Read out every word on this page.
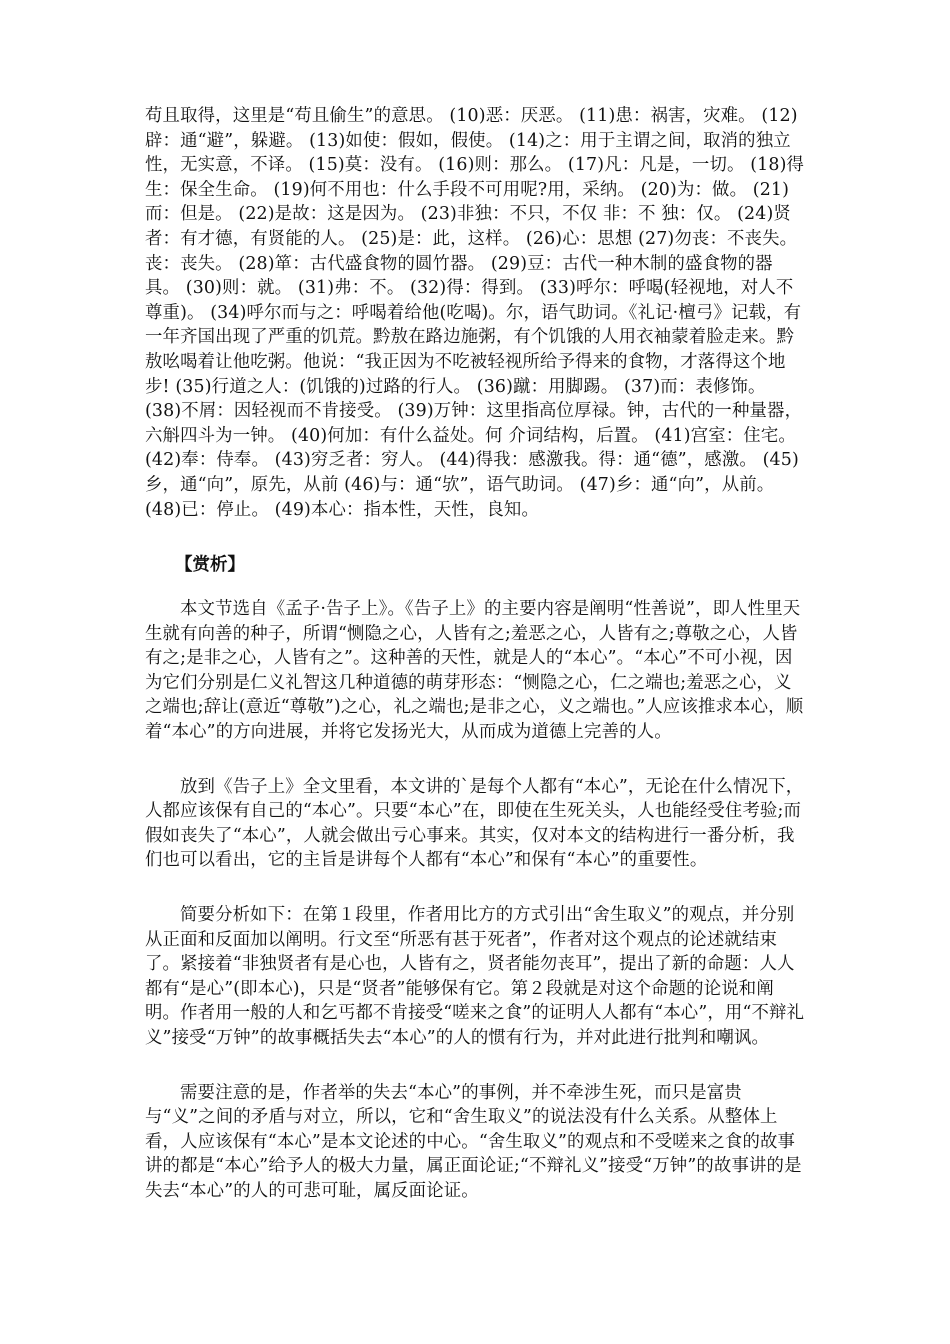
苟且取得，这里是“苟且偷生”的意思。 (10)恶：厌恶。 (11)患：祸害，灾难。 (12)辟：通“避”，躲避。 (13)如使：假如，假使。 (14)之：用于主谓之间，取消的独立性，无实意，不译。 (15)莫：没有。 (16)则：那么。 (17)凡：凡是，一切。 (18)得生：保全生命。 (19)何不用也：什么手段不可用呢?用，采纳。 (20)为：做。 (21)而：但是。 (22)是故：这是因为。 (23)非独：不只，不仅 非：不 独：仅。 (24)贤者：有才德，有贤能的人。 (25)是：此，这样。 (26)心：思想 (27)勿丧：不丧失。丧：丧失。 (28)箪：古代盛食物的圆竹器。 (29)豆：古代一种木制的盛食物的器具。 (30)则：就。 (31)弗：不。 (32)得：得到。 (33)呼尔：呼喝(轻视地，对人不尊重)。 (34)呼尔而与之：呼喝着给他(吃喝)。尔，语气助词。《礼记·檀弓》记载，有一年齐国出现了严重的饥荒。黔敖在路边施粥，有个饥饿的人用衣袖蒙着脸走来。黔敖吆喝着让他吃粥。他说：“我正因为不吃被轻视所给予得来的食物，才落得这个地步! (35)行道之人：(饥饿的)过路的行人。 (36)蹴：用脚踢。 (37)而：表修饰。 (38)不屑：因轻视而不肯接受。 (39)万钟：这里指高位厚禄。钟，古代的一种量器，六斛四斗为一钟。 (40)何加：有什么益处。何 介词结构，后置。 (41)宫室：住宅。 (42)奉：侍奉。 (43)穷乏者：穷人。 (44)得我：感激我。得：通“德”，感激。 (45)乡，通“向”，原先，从前 (46)与：通“欤”，语气助词。 (47)乡：通“向”，从前。 (48)已：停止。 (49)本心：指本性，天性，良知。

【赏析】

本文节选自《孟子·告子上》。《告子上》的主要内容是阐明“性善说”，即人性里天生就有向善的种子，所谓“恻隐之心，人皆有之;羞恶之心，人皆有之;尊敬之心，人皆有之;是非之心，人皆有之”。这种善的天性，就是人的“本心”。“本心”不可小视，因为它们分别是仁义礼智这几种道德的萌芽形态：“恻隐之心，仁之端也;羞恶之心，义之端也;辞让(意近“尊敬”)之心，礼之端也;是非之心，义之端也。”人应该推求本心，顺着“本心”的方向进展，并将它发扬光大，从而成为道德上完善的人。

放到《告子上》全文里看，本文讲的`是每个人都有“本心”，无论在什么情况下，人都应该保有自己的“本心”。只要“本心”在，即使在生死关头，人也能经受住考验;而假如丧失了“本心”，人就会做出亏心事来。其实，仅对本文的结构进行一番分析，我们也可以看出，它的主旨是讲每个人都有“本心”和保有“本心”的重要性。

简要分析如下：在第１段里，作者用比方的方式引出“舍生取义”的观点，并分别从正面和反面加以阐明。行文至“所恶有甚于死者”，作者对这个观点的论述就结束了。紧接着“非独贤者有是心也，人皆有之，贤者能勿丧耳”，提出了新的命题：人人都有“是心”(即本心)，只是“贤者”能够保有它。第２段就是对这个命题的论说和阐明。作者用一般的人和乞丐都不肯接受“嗟来之食”的证明人人都有“本心”，用“不辩礼义”接受“万钟”的故事概括失去“本心”的人的惯有行为，并对此进行批判和嘲讽。

需要注意的是，作者举的失去“本心”的事例，并不牵涉生死，而只是富贵与“义”之间的矛盾与对立，所以，它和“舍生取义”的说法没有什么关系。从整体上看，人应该保有“本心”是本文论述的中心。“舍生取义”的观点和不受嗟来之食的故事讲的都是“本心”给予人的极大力量，属正面论证;“不辩礼义”接受“万钟”的故事讲的是失去“本心”的人的可悲可耻，属反面论证。
